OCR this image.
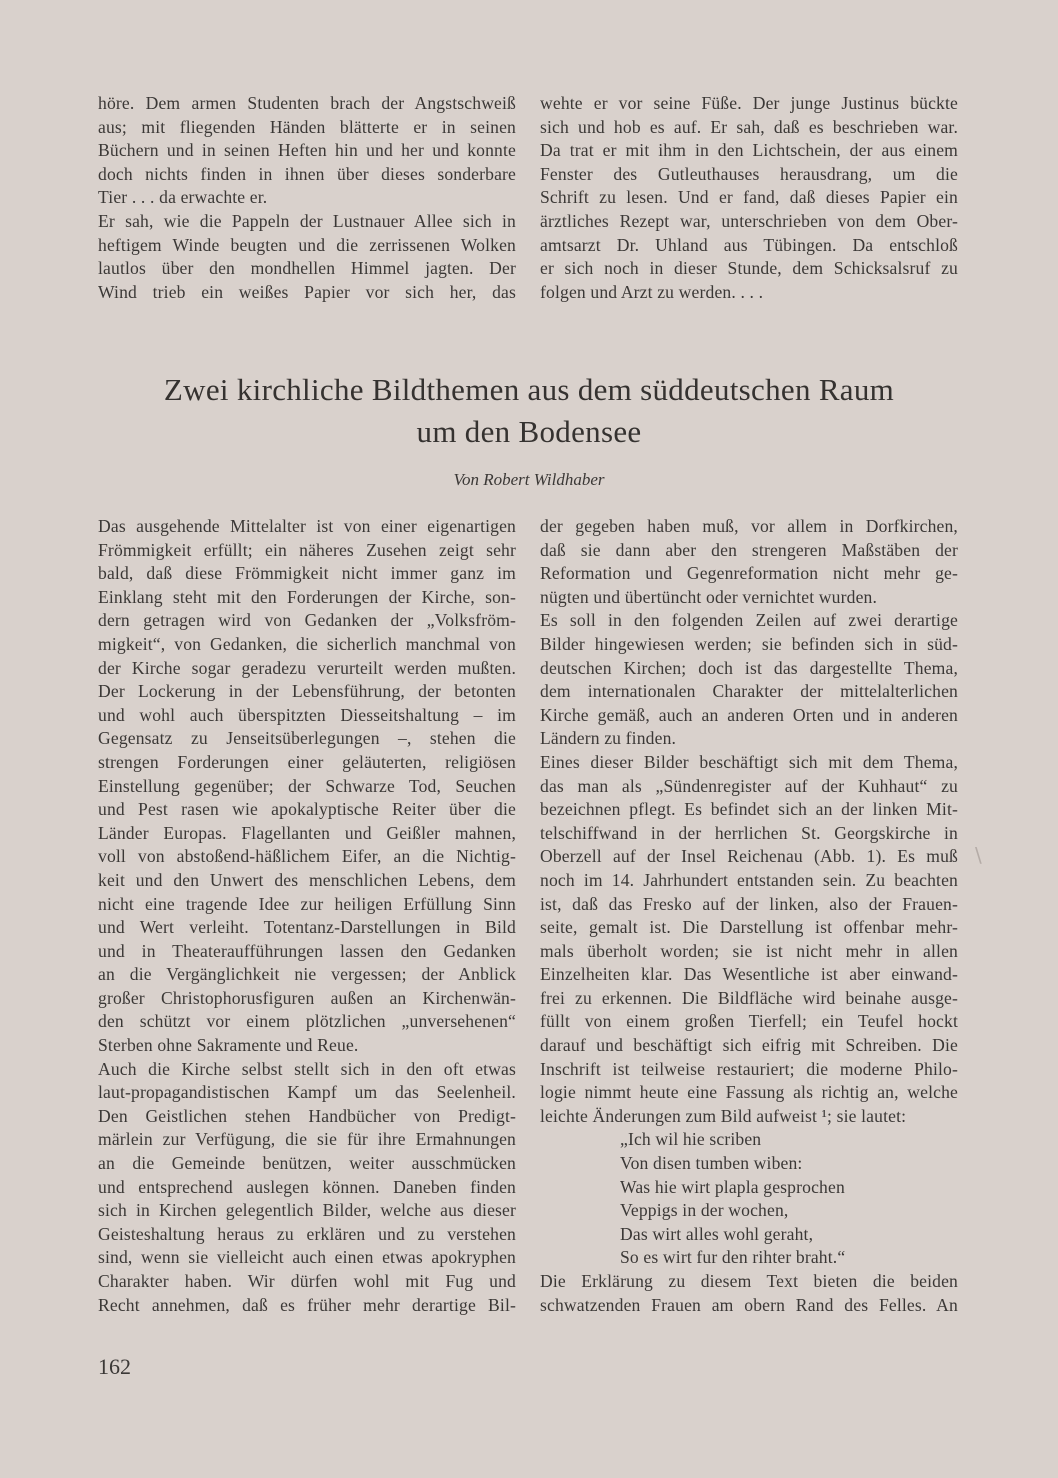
höre. Dem armen Studenten brach der Angstschweiß
aus; mit fliegenden Händen blätterte er in seinen
Büchern und in seinen Heften hin und her und konnte
doch nichts finden in ihnen über dieses sonderbare
Tier . . . da erwachte er.
Er sah, wie die Pappeln der Lustnauer Allee sich in
heftigem Winde beugten und die zerrissenen Wolken
lautlos über den mondhellen Himmel jagten. Der
Wind trieb ein weißes Papier vor sich her, das
wehte er vor seine Füße. Der junge Justinus bückte
sich und hob es auf. Er sah, daß es beschrieben war.
Da trat er mit ihm in den Lichtschein, der aus einem
Fenster des Gutleuthauses herausdrang, um die
Schrift zu lesen. Und er fand, daß dieses Papier ein
ärztliches Rezept war, unterschrieben von dem Ober-
amtsarzt Dr. Uhland aus Tübingen. Da entschloß
er sich noch in dieser Stunde, dem Schicksalsruf zu
folgen und Arzt zu werden. . . .
Zwei kirchliche Bildthemen aus dem süddeutschen Raum
um den Bodensee
Von Robert Wildhaber
Das ausgehende Mittelalter ist von einer eigenartigen
Frömmigkeit erfüllt; ein näheres Zusehen zeigt sehr
bald, daß diese Frömmigkeit nicht immer ganz im
Einklang steht mit den Forderungen der Kirche, son-
dern getragen wird von Gedanken der „Volksfröm-
migkeit“, von Gedanken, die sicherlich manchmal von
der Kirche sogar geradezu verurteilt werden mußten.
Der Lockerung in der Lebensführung, der betonten
und wohl auch überspitzten Diesseitshaltung – im
Gegensatz zu Jenseitsüberlegungen –, stehen die
strengen Forderungen einer geläuterten, religiösen
Einstellung gegenüber; der Schwarze Tod, Seuchen
und Pest rasen wie apokalyptische Reiter über die
Länder Europas. Flagellanten und Geißler mahnen,
voll von abstoßend-häßlichem Eifer, an die Nichtig-
keit und den Unwert des menschlichen Lebens, dem
nicht eine tragende Idee zur heiligen Erfüllung Sinn
und Wert verleiht. Totentanz-Darstellungen in Bild
und in Theateraufführungen lassen den Gedanken
an die Vergänglichkeit nie vergessen; der Anblick
großer Christophorusfiguren außen an Kirchenwän-
den schützt vor einem plötzlichen „unversehenen“
Sterben ohne Sakramente und Reue.
Auch die Kirche selbst stellt sich in den oft etwas
laut-propagandistischen Kampf um das Seelenheil.
Den Geistlichen stehen Handbücher von Predigt-
märlein zur Verfügung, die sie für ihre Ermahnungen
an die Gemeinde benützen, weiter ausschmücken
und entsprechend auslegen können. Daneben finden
sich in Kirchen gelegentlich Bilder, welche aus dieser
Geisteshaltung heraus zu erklären und zu verstehen
sind, wenn sie vielleicht auch einen etwas apokryphen
Charakter haben. Wir dürfen wohl mit Fug und
Recht annehmen, daß es früher mehr derartige Bil-
der gegeben haben muß, vor allem in Dorfkirchen,
daß sie dann aber den strengeren Maßstäben der
Reformation und Gegenreformation nicht mehr ge-
nügten und übertüncht oder vernichtet wurden.
Es soll in den folgenden Zeilen auf zwei derartige
Bilder hingewiesen werden; sie befinden sich in süd-
deutschen Kirchen; doch ist das dargestellte Thema,
dem internationalen Charakter der mittelalterlichen
Kirche gemäß, auch an anderen Orten und in anderen
Ländern zu finden.
Eines dieser Bilder beschäftigt sich mit dem Thema,
das man als „Sündenregister auf der Kuhhaut“ zu
bezeichnen pflegt. Es befindet sich an der linken Mit-
telschiffwand in der herrlichen St. Georgskirche in
Oberzell auf der Insel Reichenau (Abb. 1). Es muß
noch im 14. Jahrhundert entstanden sein. Zu beachten
ist, daß das Fresko auf der linken, also der Frauen-
seite, gemalt ist. Die Darstellung ist offenbar mehr-
mals überholt worden; sie ist nicht mehr in allen
Einzelheiten klar. Das Wesentliche ist aber einwand-
frei zu erkennen. Die Bildfläche wird beinahe ausge-
füllt von einem großen Tierfell; ein Teufel hockt
darauf und beschäftigt sich eifrig mit Schreiben. Die
Inschrift ist teilweise restauriert; die moderne Philo-
logie nimmt heute eine Fassung als richtig an, welche
leichte Änderungen zum Bild aufweist ¹; sie lautet:
„Ich wil hie scriben
Von disen tumben wiben:
Was hie wirt plapla gesprochen
Veppigs in der wochen,
Das wirt alles wohl geraht,
So es wirt fur den rihter braht.“
Die Erklärung zu diesem Text bieten die beiden
schwatzenden Frauen am obern Rand des Felles. An
162
\
